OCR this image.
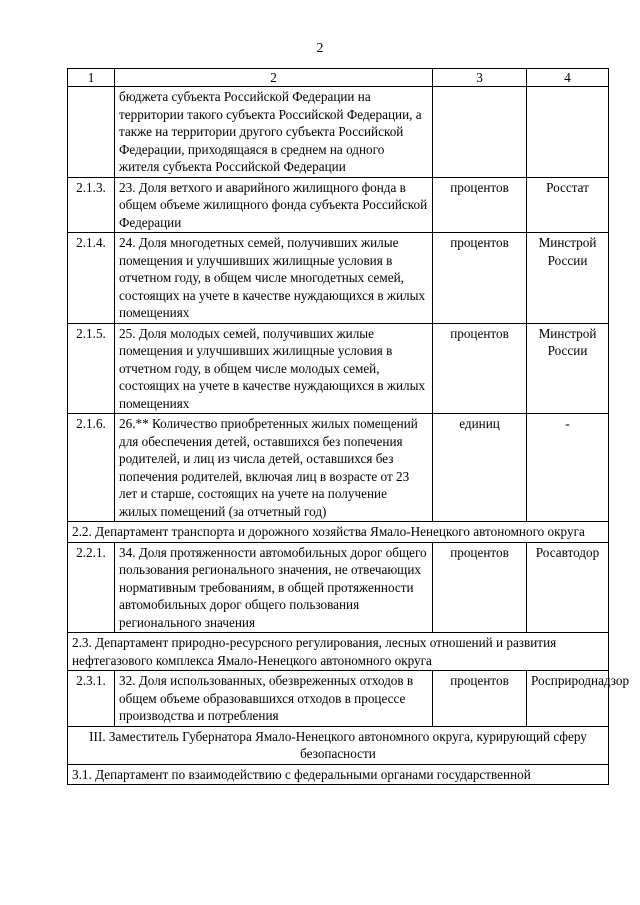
2
1	2	3	4
	бюджета субъекта Российской Федерации на территории такого субъекта Российской Федерации, а также на территории другого субъекта Российской Федерации, приходящаяся в среднем на одного жителя субъекта Российской Федерации		
2.1.3.	23. Доля ветхого и аварийного жилищного фонда в общем объеме жилищного фонда субъекта Российской Федерации	процентов	Росстат
2.1.4.	24. Доля многодетных семей, получивших жилые помещения и улучшивших жилищные условия в отчетном году, в общем числе многодетных семей, состоящих на учете в качестве нуждающихся в жилых помещениях	процентов	Минстрой России
2.1.5.	25. Доля молодых семей, получивших жилые помещения и улучшивших жилищные условия в отчетном году, в общем числе молодых семей, состоящих на учете в качестве нуждающихся в жилых помещениях	процентов	Минстрой России
2.1.6.	26.** Количество приобретенных жилых помещений для обеспечения детей, оставшихся без попечения родителей, и лиц из числа детей, оставшихся без попечения родителей, включая лиц в возрасте от 23 лет и старше, состоящих на учете на получение жилых помещений (за отчетный год)	единиц	-
2.2. Департамент транспорта и дорожного хозяйства Ямало-Ненецкого автономного округа			
2.2.1.	34. Доля протяженности автомобильных дорог общего пользования регионального значения, не отвечающих нормативным требованиям, в общей протяженности автомобильных дорог общего пользования регионального значения	процентов	Росавтодор
2.3. Департамент природно-ресурсного регулирования, лесных отношений и развития нефтегазового комплекса Ямало-Ненецкого автономного округа			
2.3.1.	32. Доля использованных, обезвреженных отходов в общем объеме образовавшихся отходов в процессе производства и потребления	процентов	Росприроднадзор
III. Заместитель Губернатора Ямало-Ненецкого автономного округа, курирующий сферу безопасности			
3.1. Департамент по взаимодействию с федеральными органами государственной			
